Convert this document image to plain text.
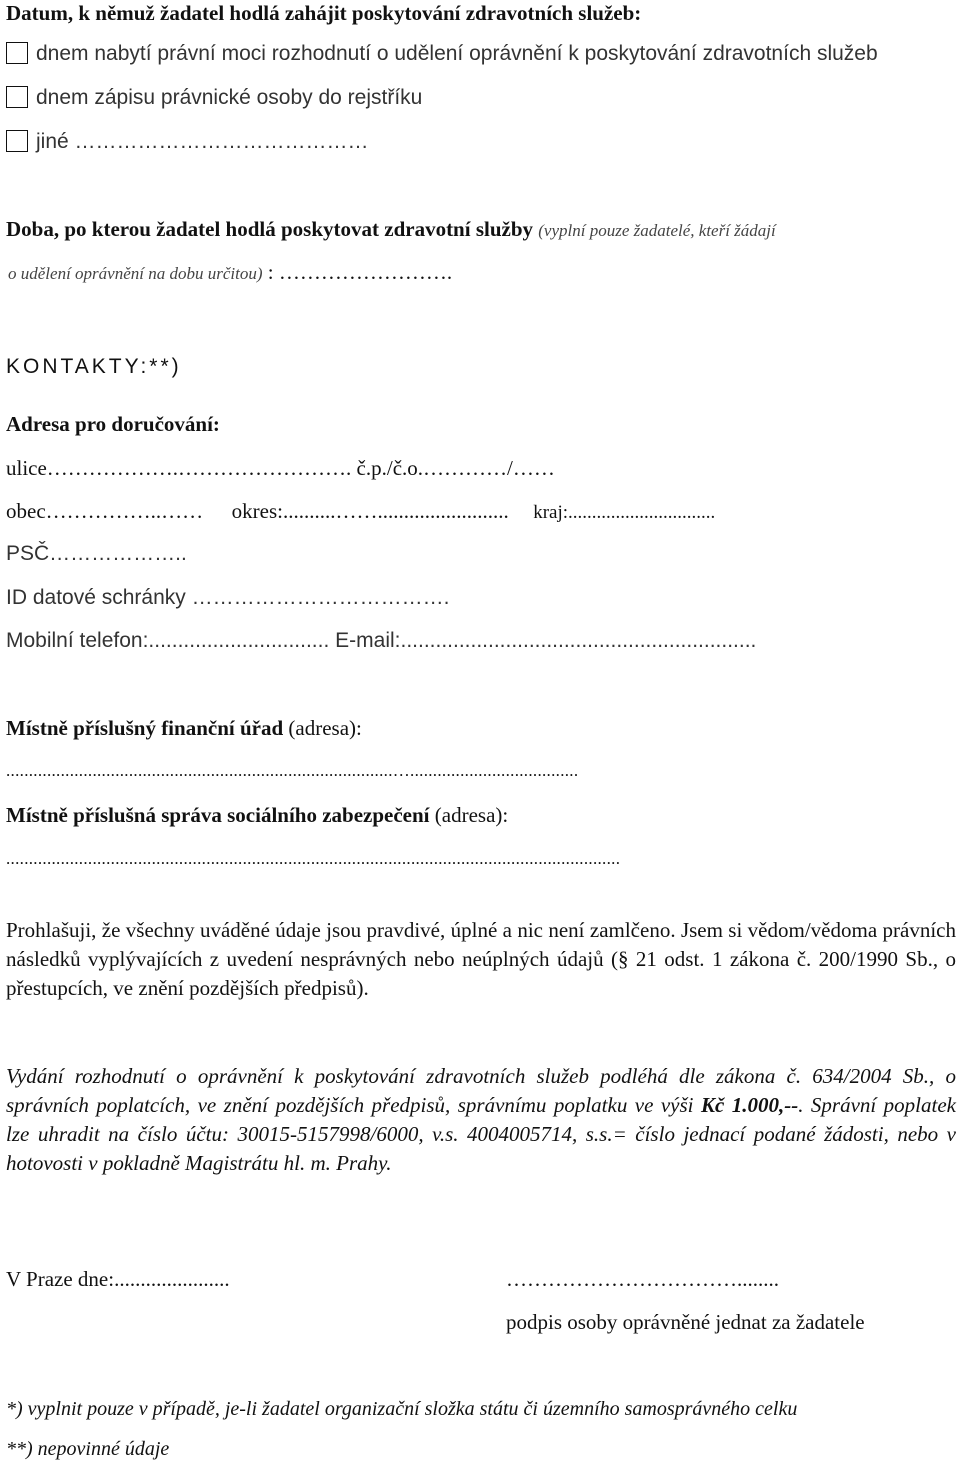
Datum, k němuž žadatel hodlá zahájit poskytování zdravotních služeb:
dnem nabytí právní moci rozhodnutí o udělení oprávnění k poskytování zdravotních služeb
dnem zápisu právnické osoby do rejstříku
jiné ……………………………………
Doba, po kterou žadatel hodlá poskytovat zdravotní služby (vyplní pouze žadatelé, kteří žádají
o udělení oprávnění na dobu určitou) : …………………….
KONTAKTY:**)
Adresa pro doručování:
ulice……………….……………………. č.p./č.o.…………/……
obec……………..…… okres:..........……......................... kraj:...............................
PSČ………………..
ID datové schránky ……………………………….
Mobilní telefon:............................... E-mail:.............................................................
Místně příslušný finanční úřad (adresa):
.....................................................................................….....................................
Místně příslušná správa sociálního zabezpečení (adresa):
.......................................................................................................................................
Prohlašuji, že všechny uváděné údaje jsou pravdivé, úplné a nic není zamlčeno. Jsem si vědom/vědoma právních následků vyplývajících z uvedení nesprávných nebo neúplných údajů (§ 21 odst. 1 zákona č. 200/1990 Sb., o přestupcích, ve znění pozdějších předpisů).
Vydání rozhodnutí o oprávnění k poskytování zdravotních služeb podléhá dle zákona č. 634/2004 Sb., o správních poplatcích, ve znění pozdějších předpisů, správnímu poplatku ve výši Kč 1.000,--. Správní poplatek lze uhradit na číslo účtu: 30015-5157998/6000, v.s. 4004005714, s.s.= číslo jednací podané žádosti, nebo v hotovosti v pokladně Magistrátu hl. m. Prahy.
V Praze dne:......................	……………………………........
podpis osoby oprávněné jednat za žadatele
*) vyplnit pouze v případě, je-li žadatel organizační složka státu či územního samosprávného celku
**) nepovinné údaje
